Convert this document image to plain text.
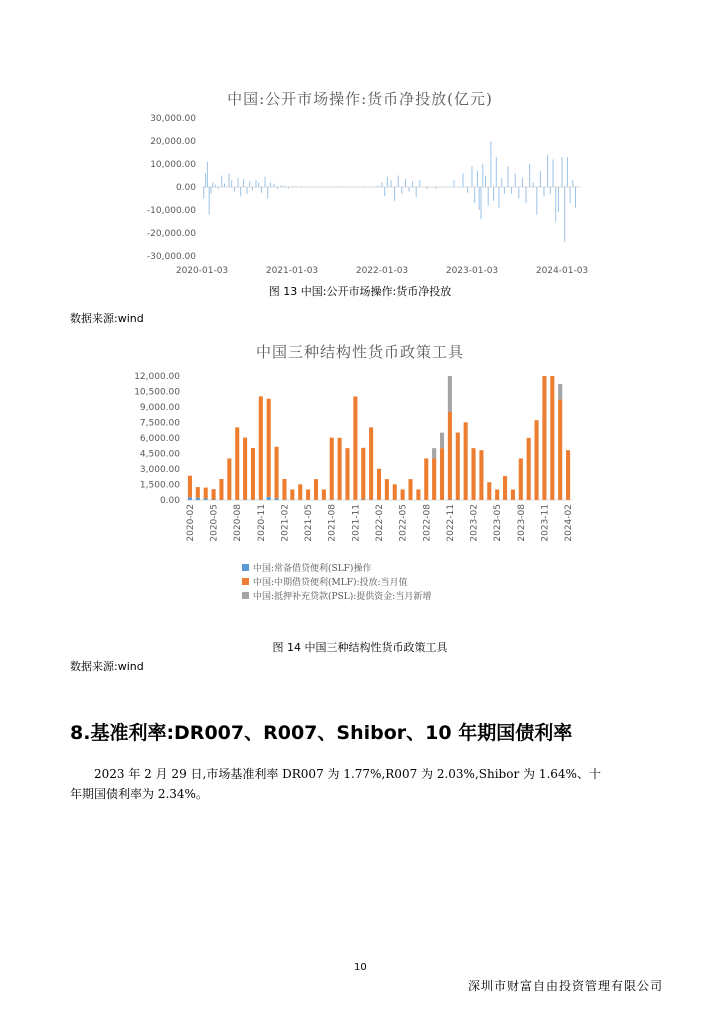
中国:公开市场操作:货币净投放(亿元)
30,000.00
20,000.00
10,000.00
0.00
-10,000.00
-20,000.00
-30,000.00
2020-01-03	2021-01-03	2022-01-03	2023-01-03	2024-01-03
图 13 中国:公开市场操作:货币净投放
数据来源:wind
中国三种结构性货币政策工具
12,000.00
10,500.00
9,000.00
7,500.00
6,000.00
4,500.00
3,000.00
1,500.00
0.00
2020-02 2020-05 2020-08 2020-11 2021-02 2021-05 2021-08 2021-11 2022-02 2022-05 2022-08 2022-11 2023-02 2023-05 2023-08 2023-11 2024-02
中国:常备借贷便利(SLF)操作
中国:中期借贷便利(MLF):投放:当月值
中国:抵押补充贷款(PSL):提供资金:当月新增
图 14 中国三种结构性货币政策工具
数据来源:wind
8.基准利率:DR007、R007、Shibor、10 年期国债利率
2023 年 2 月 29 日,市场基准利率 DR007 为 1.77%,R007 为 2.03%,Shibor 为 1.64%、十
年期国债利率为 2.34%。
10
深圳市财富自由投资管理有限公司
